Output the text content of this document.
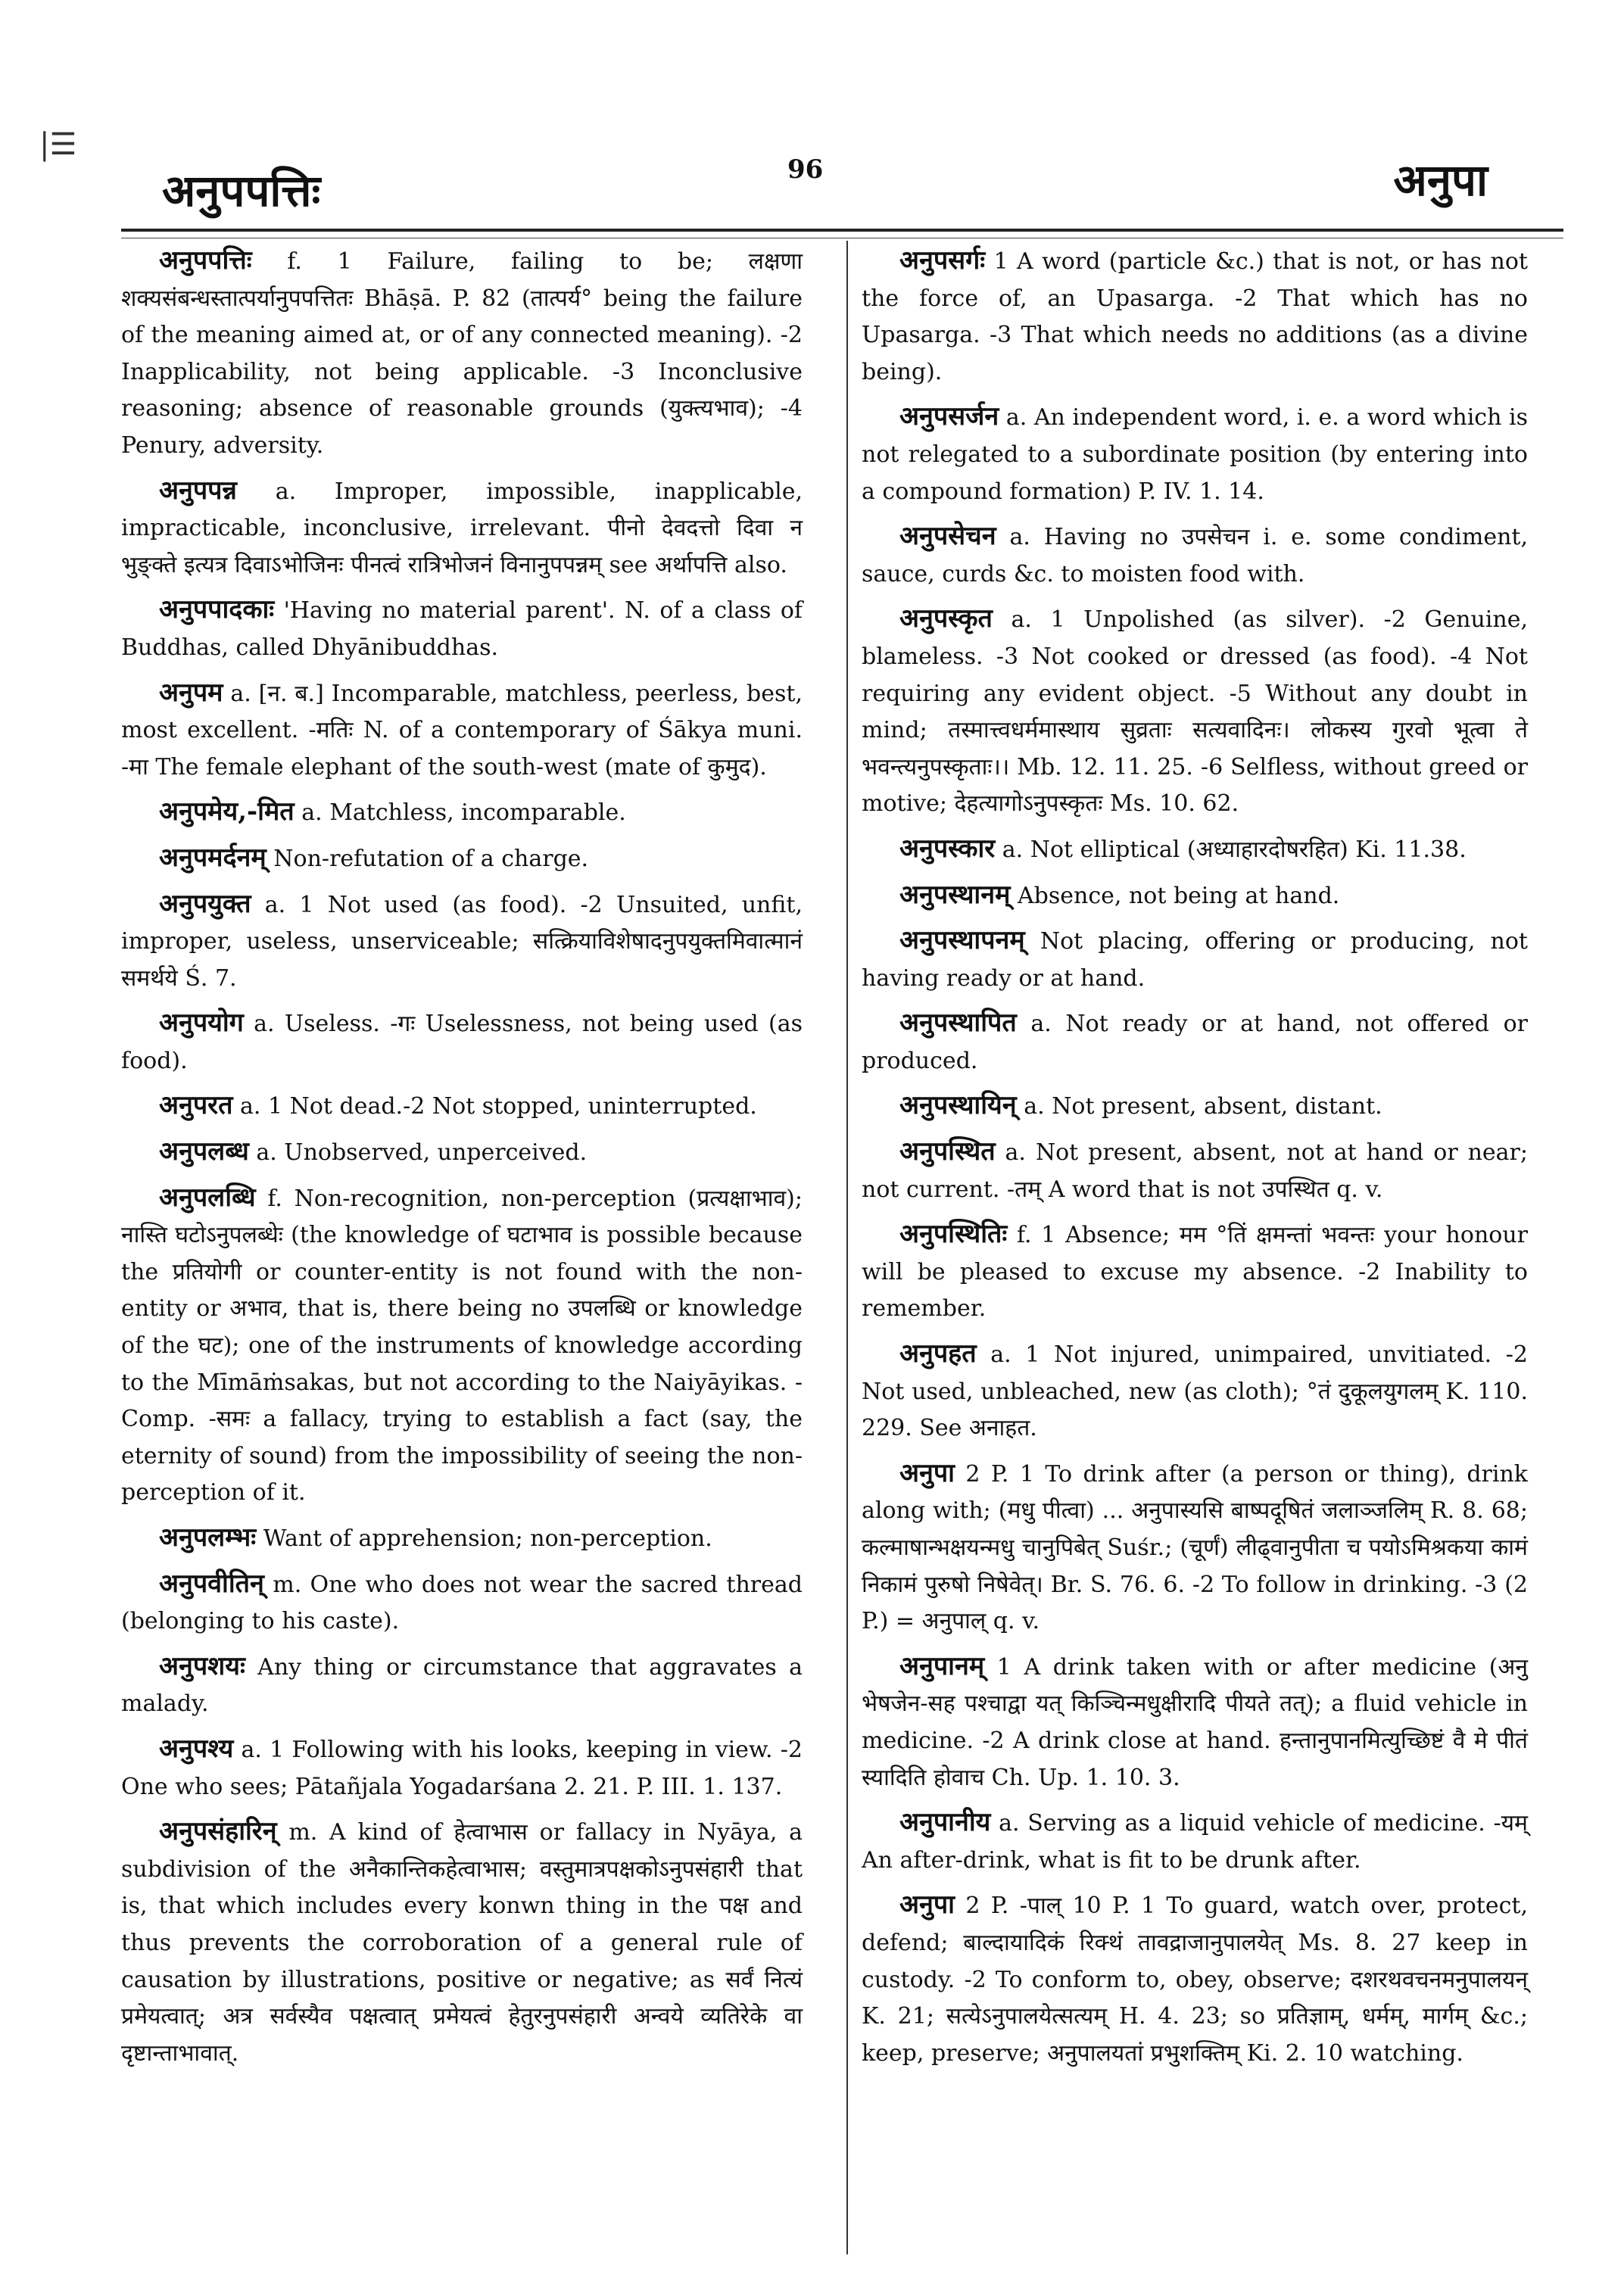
|☰
अनुपपत्तिः	96	अनुपा

अनुपपत्तिः f. 1 Failure, failing to be; लक्षणा शक्यसंबन्धस्तात्पर्यानुपपत्तितः Bhāṣā. P. 82 (तात्पर्य° being the failure of the meaning aimed at, or of any connected meaning). -2 Inapplicability, not being applicable. -3 Inconclusive reasoning; absence of reasonable grounds (युक्त्यभाव); -4 Penury, adversity.

अनुपपन्न a. Improper, impossible, inapplicable, impracticable, inconclusive, irrelevant. पीनो देवदत्तो दिवा न भुङ्क्ते इत्यत्र दिवाऽभोजिनः पीनत्वं रात्रिभोजनं विनानुपपन्नम् see अर्थापत्ति also.

अनुपपादकाः 'Having no material parent'. N. of a class of Buddhas, called Dhyānibuddhas.

अनुपम a. [न. ब.] Incomparable, matchless, peerless, best, most excellent. -मतिः N. of a contemporary of Śākya muni. -मा The female elephant of the south-west (mate of कुमुद).

अनुपमेय,-मित a. Matchless, incomparable.

अनुपमर्दनम् Non-refutation of a charge.

अनुपयुक्त a. 1 Not used (as food). -2 Unsuited, unfit, improper, useless, unserviceable; सत्क्रियाविशेषादनुपयुक्तमिवात्मानं समर्थये Ś. 7.

अनुपयोग a. Useless. -गः Uselessness, not being used (as food).

अनुपरत a. 1 Not dead.-2 Not stopped, uninterrupted.

अनुपलब्ध a. Unobserved, unperceived.

अनुपलब्धि f. Non-recognition, non-perception (प्रत्यक्षाभाव); नास्ति घटोऽनुपलब्धेः (the knowledge of घटाभाव is possible because the प्रतियोगी or counter-entity is not found with the non-entity or अभाव, that is, there being no उपलब्धि or knowledge of the घट); one of the instruments of knowledge according to the Mīmāṁsakas, but not according to the Naiyāyikas. -Comp. -समः a fallacy, trying to establish a fact (say, the eternity of sound) from the impossibility of seeing the non-perception of it.

अनुपलम्भः Want of apprehension; non-perception.

अनुपवीतिन् m. One who does not wear the sacred thread (belonging to his caste).

अनुपशयः Any thing or circumstance that aggravates a malady.

अनुपश्य a. 1 Following with his looks, keeping in view. -2 One who sees; Pātañjala Yogadarśana 2. 21. P. III. 1. 137.

अनुपसंहारिन् m. A kind of हेत्वाभास or fallacy in Nyāya, a subdivision of the अनैकान्तिकहेत्वाभास; वस्तुमात्रपक्षकोऽनुपसंहारी that is, that which includes every konwn thing in the पक्ष and thus prevents the corroboration of a general rule of causation by illustrations, positive or negative; as सर्वं नित्यं प्रमेयत्वात्; अत्र सर्वस्यैव पक्षत्वात् प्रमेयत्वं हेतुरनुपसंहारी अन्वये व्यतिरेके वा दृष्टान्ताभावात्.

अनुपसर्गः 1 A word (particle &c.) that is not, or has not the force of, an Upasarga. -2 That which has no Upasarga. -3 That which needs no additions (as a divine being).

अनुपसर्जन a. An independent word, i. e. a word which is not relegated to a subordinate position (by entering into a compound formation) P. IV. 1. 14.

अनुपसेचन a. Having no उपसेचन i. e. some condiment, sauce, curds &c. to moisten food with.

अनुपस्कृत a. 1 Unpolished (as silver). -2 Genuine, blameless. -3 Not cooked or dressed (as food). -4 Not requiring any evident object. -5 Without any doubt in mind; तस्मात्त्वधर्ममास्थाय सुव्रताः सत्यवादिनः। लोकस्य गुरवो भूत्वा ते भवन्त्यनुपस्कृताः।। Mb. 12. 11. 25. -6 Selfless, without greed or motive; देहत्यागोऽनुपस्कृतः Ms. 10. 62.

अनुपस्कार a. Not elliptical (अध्याहारदोषरहित) Ki. 11.38.

अनुपस्थानम् Absence, not being at hand.

अनुपस्थापनम् Not placing, offering or producing, not having ready or at hand.

अनुपस्थापित a. Not ready or at hand, not offered or produced.

अनुपस्थायिन् a. Not present, absent, distant.

अनुपस्थित a. Not present, absent, not at hand or near; not current. -तम् A word that is not उपस्थित q. v.

अनुपस्थितिः f. 1 Absence; मम °तिं क्षमन्तां भवन्तः your honour will be pleased to excuse my absence. -2 Inability to remember.

अनुपहत a. 1 Not injured, unimpaired, unvitiated. -2 Not used, unbleached, new (as cloth); °तं दुकूलयुगलम् K. 110. 229. See अनाहत.

अनुपा 2 P. 1 To drink after (a person or thing), drink along with; (मधु पीत्वा) ... अनुपास्यसि बाष्पदूषितं जलाञ्जलिम् R. 8. 68; कल्माषान्भक्षयन्मधु चानुपिबेत् Suśr.; (चूर्णं) लीढ्वानुपीता च पयोऽमिश्रकया कामं निकामं पुरुषो निषेवेत्। Br. S. 76. 6. -2 To follow in drinking. -3 (2 P.) = अनुपाल् q. v.

अनुपानम् 1 A drink taken with or after medicine (अनु भेषजेन-सह पश्चाद्वा यत् किञ्चिन्मधुक्षीरादि पीयते तत्); a fluid vehicle in medicine. -2 A drink close at hand. हन्तानुपानमित्युच्छिष्टं वै मे पीतं स्यादिति होवाच Ch. Up. 1. 10. 3.

अनुपानीय a. Serving as a liquid vehicle of medicine. -यम् An after-drink, what is fit to be drunk after.

अनुपा 2 P. -पाल् 10 P. 1 To guard, watch over, protect, defend; बाल्दायादिकं रिक्थं तावद्राजानुपालयेत् Ms. 8. 27 keep in custody. -2 To conform to, obey, observe; दशरथवचनमनुपालयन् K. 21; सत्येऽनुपालयेत्सत्यम् H. 4. 23; so प्रतिज्ञाम्, धर्मम्, मार्गम् &c.; keep, preserve; अनुपालयतां प्रभुशक्तिम् Ki. 2. 10 watching.
